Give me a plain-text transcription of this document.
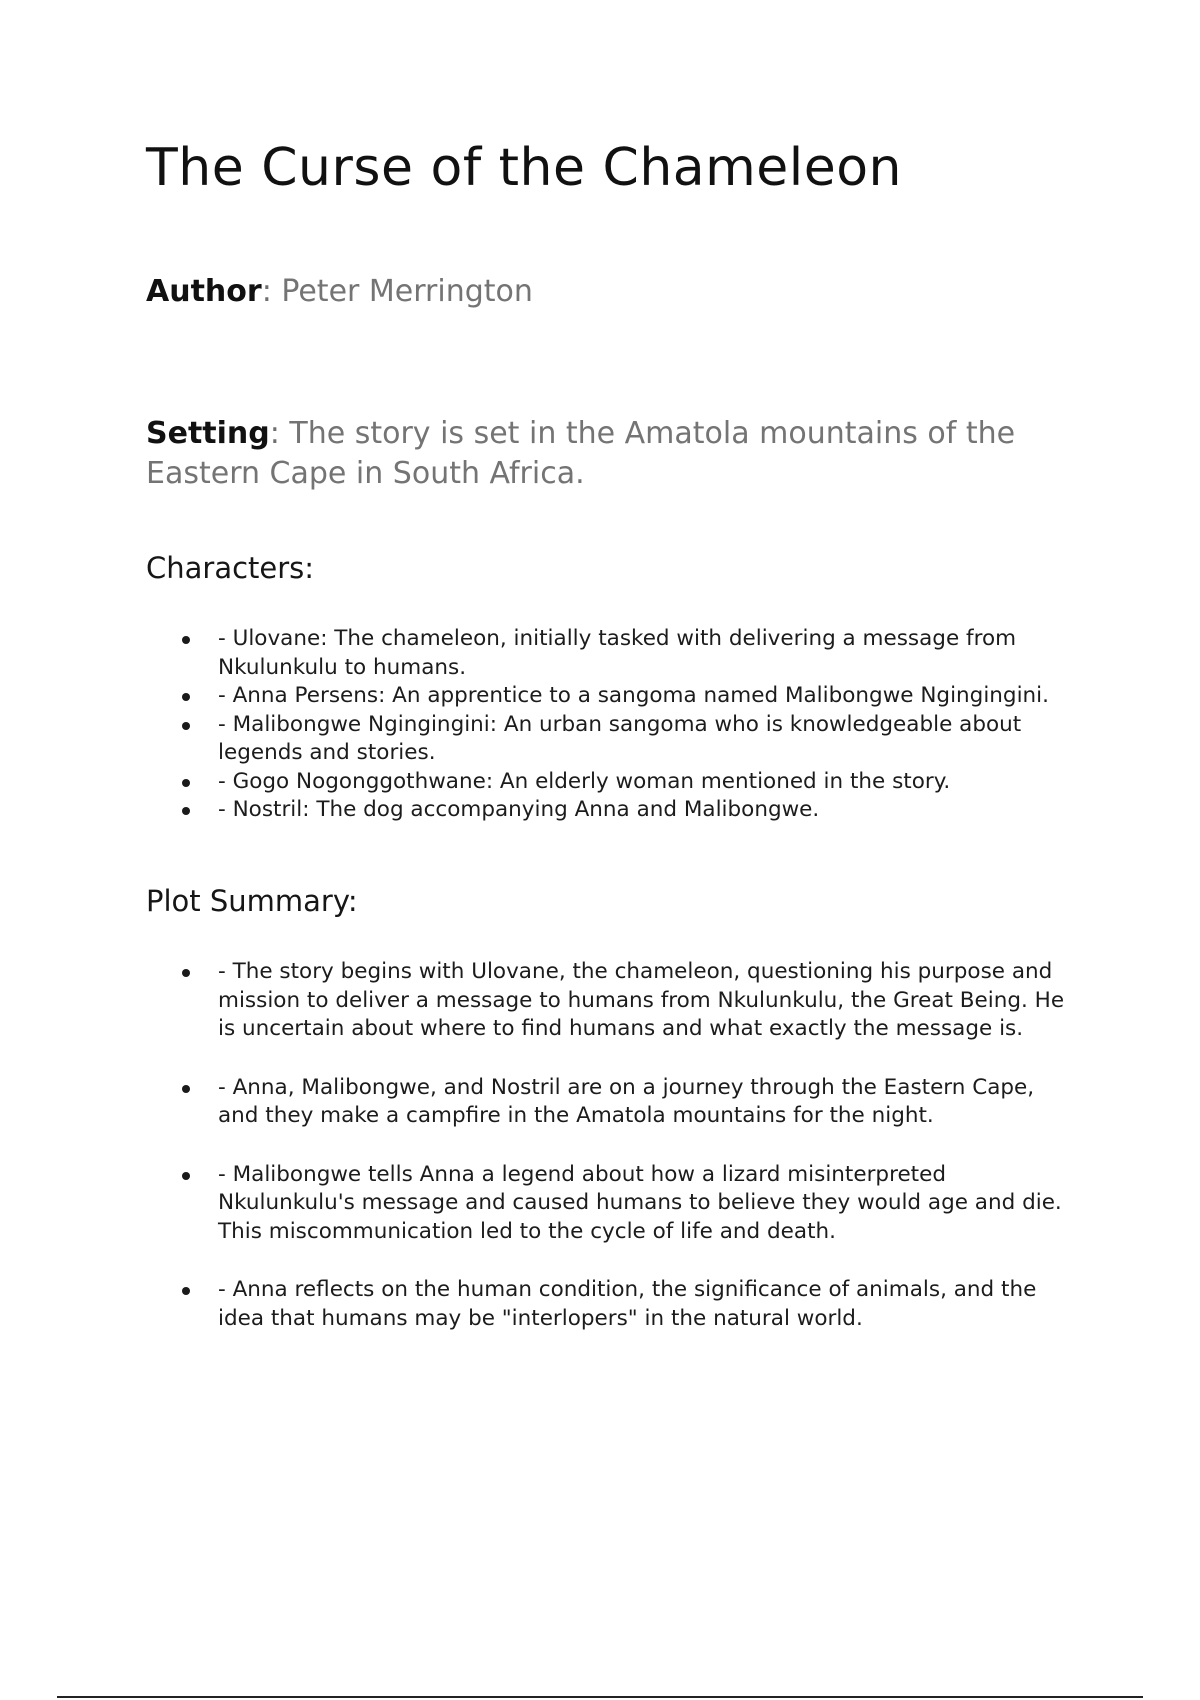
The Curse of the Chameleon

Author: Peter Merrington

Setting: The story is set in the Amatola mountains of the Eastern Cape in South Africa.

Characters:
- Ulovane: The chameleon, initially tasked with delivering a message from Nkulunkulu to humans.
- Anna Persens: An apprentice to a sangoma named Malibongwe Ngingingini.
- Malibongwe Ngingingini: An urban sangoma who is knowledgeable about legends and stories.
- Gogo Nogonggothwane: An elderly woman mentioned in the story.
- Nostril: The dog accompanying Anna and Malibongwe.
Plot Summary:
- The story begins with Ulovane, the chameleon, questioning his purpose and mission to deliver a message to humans from Nkulunkulu, the Great Being. He is uncertain about where to find humans and what exactly the message is.
- Anna, Malibongwe, and Nostril are on a journey through the Eastern Cape, and they make a campfire in the Amatola mountains for the night.
- Malibongwe tells Anna a legend about how a lizard misinterpreted Nkulunkulu's message and caused humans to believe they would age and die. This miscommunication led to the cycle of life and death.
- Anna reflects on the human condition, the significance of animals, and the idea that humans may be "interlopers" in the natural world.
